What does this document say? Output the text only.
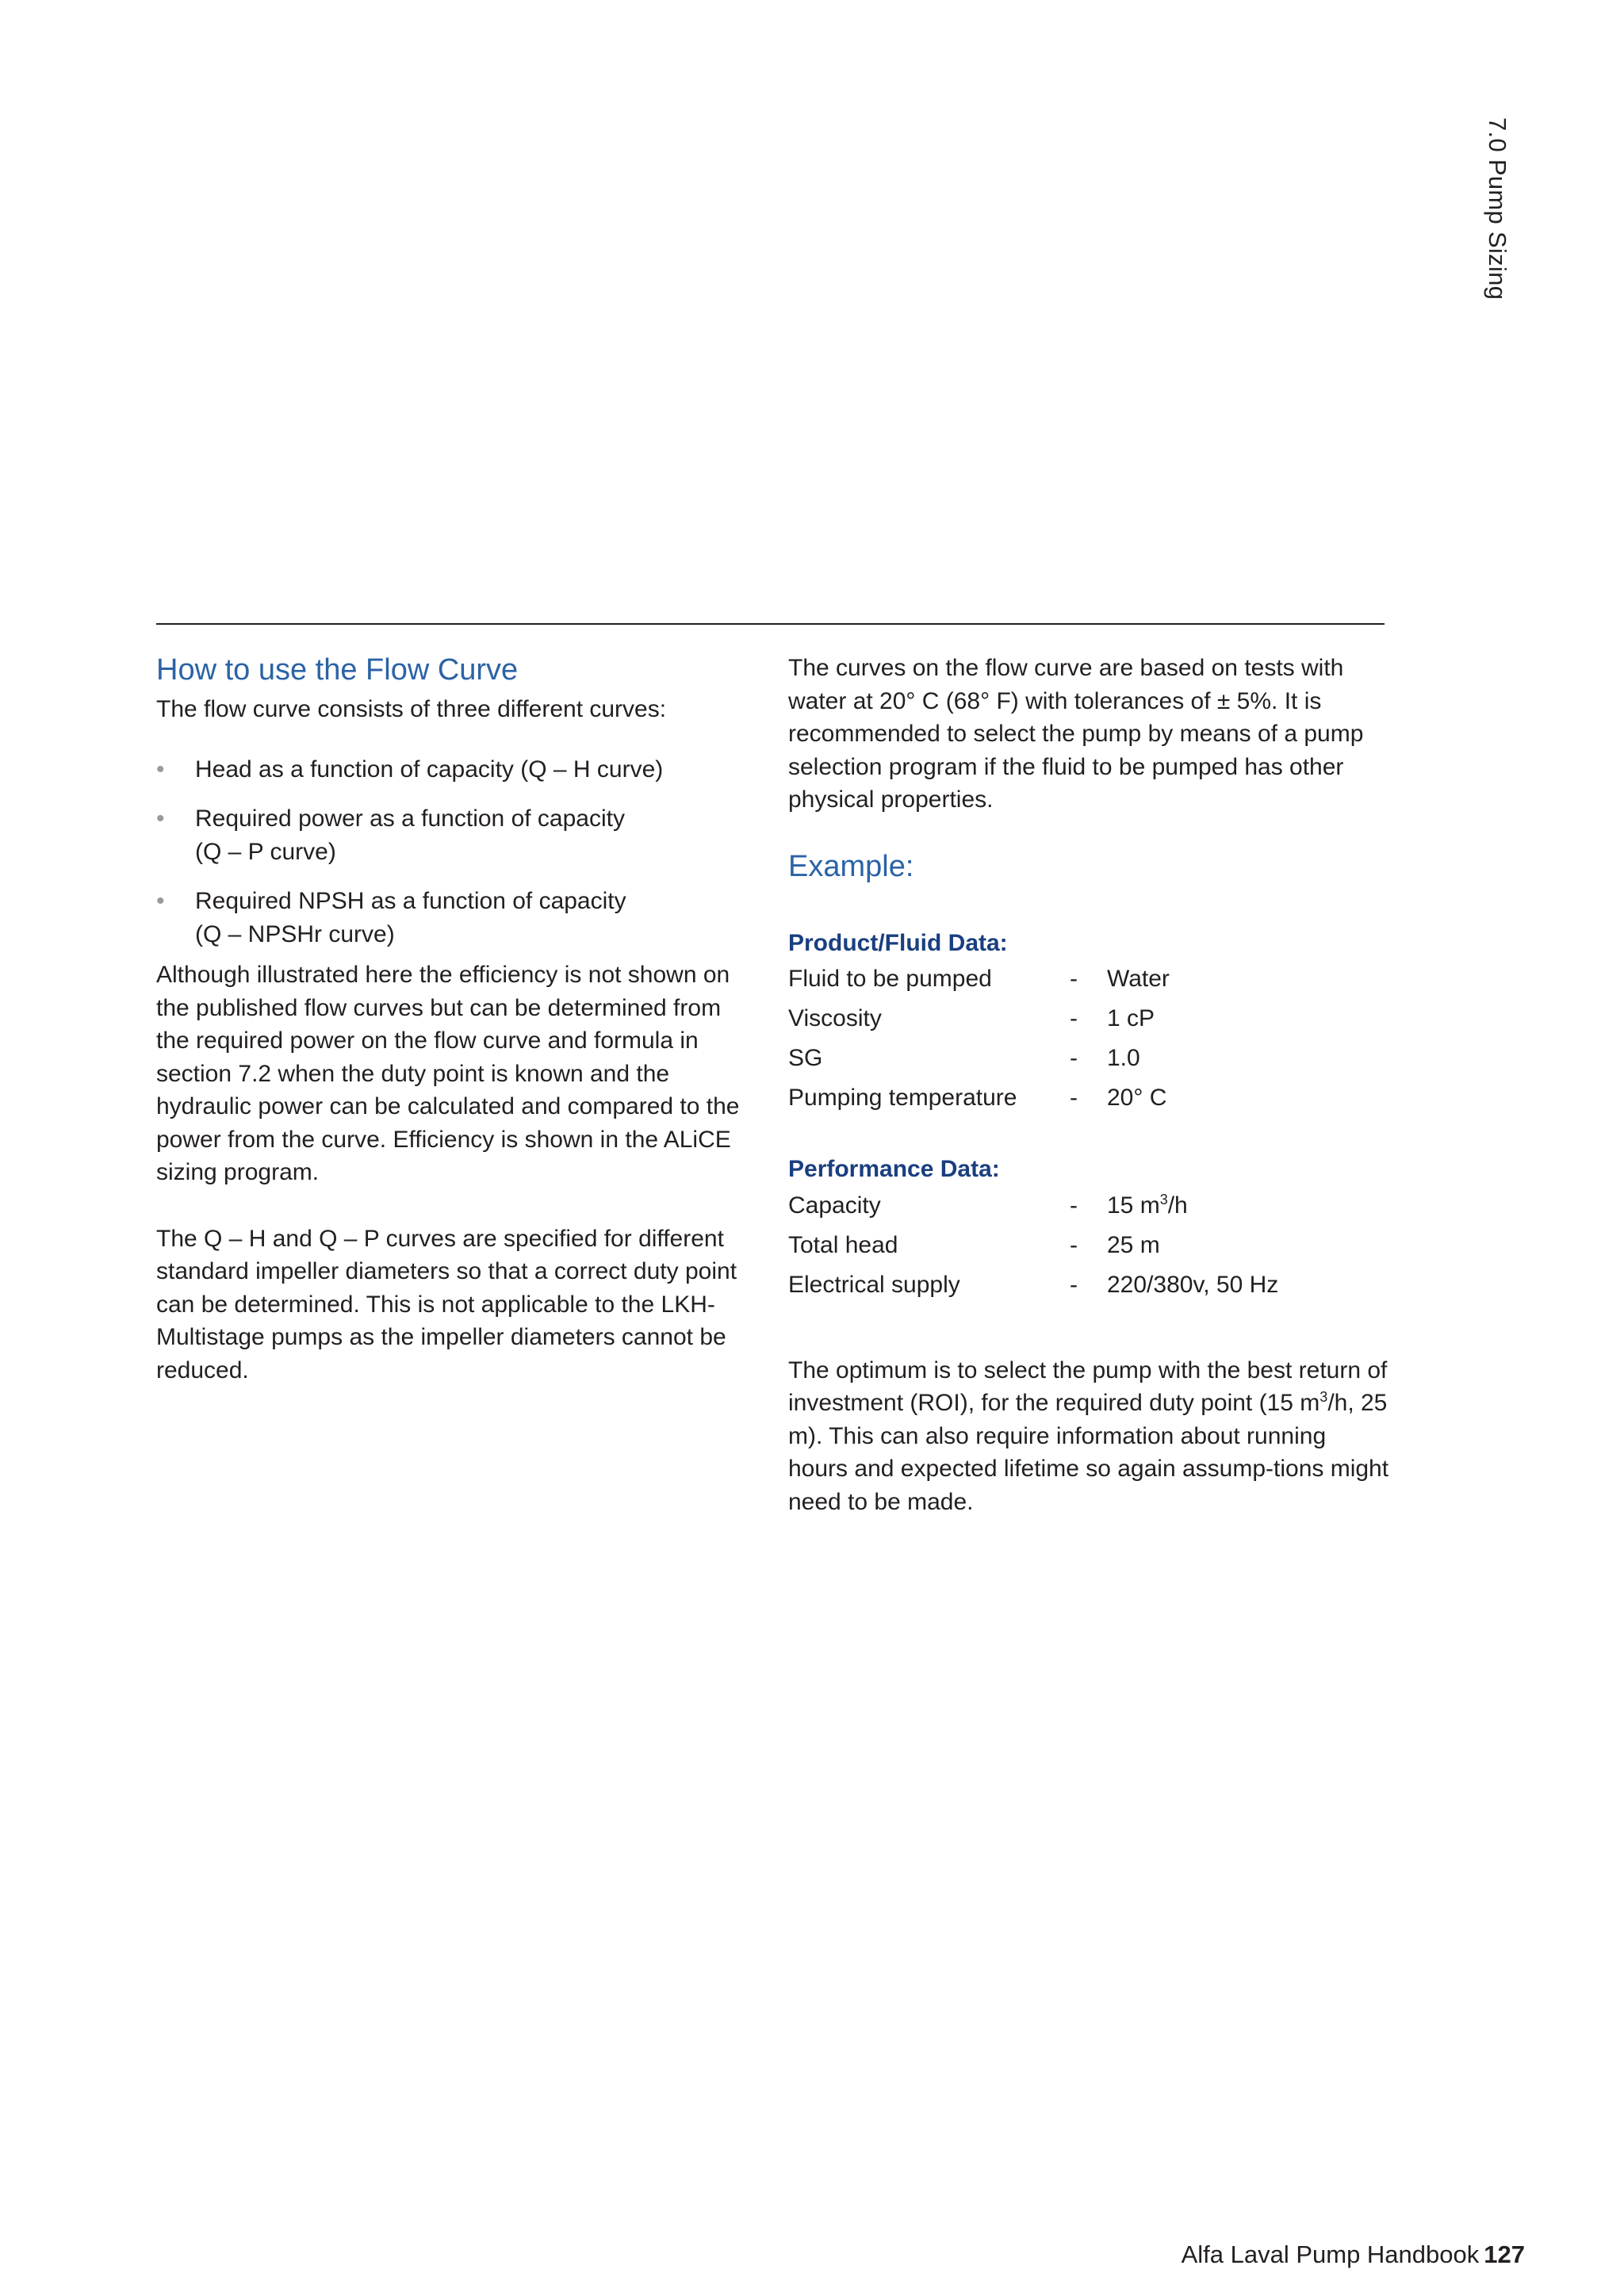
7.0 Pump Sizing
How to use the Flow Curve

The flow curve consists of three different curves:

• Head as a function of capacity (Q – H curve)
• Required power as a function of capacity
(Q – P curve)
• Required NPSH as a function of capacity
(Q – NPSHr curve)

Although illustrated here the efficiency is not shown on the published flow curves but can be determined from the required power on the flow curve and formula in section 7.2 when the duty point is known and the hydraulic power can be calculated and compared to the power from the curve. Efficiency is shown in the ALiCE sizing program.

The Q – H and Q – P curves are specified for different standard impeller diameters so that a correct duty point can be determined. This is not applicable to the LKH-Multistage pumps as the impeller diameters cannot be reduced.

The curves on the flow curve are based on tests with water at 20° C (68° F) with tolerances of ± 5%. It is recommended to select the pump by means of a pump selection program if the fluid to be pumped has other physical properties.

Example:
Product/Fluid Data:
Fluid to be pumped	-	Water
Viscosity	-	1 cP
SG	-	1.0
Pumping temperature	-	20° C
Performance Data:
Capacity	-	15 $m^3/h$
Total head	-	25 m
Electrical supply	-	220/380v, 50 Hz

The optimum is to select the pump with the best return of investment (ROI), for the required duty point (15 $m^3/h$, 25 m). This can also require information about running hours and expected lifetime so again assump-tions might need to be made.

Alfa Laval Pump Handbook 127
